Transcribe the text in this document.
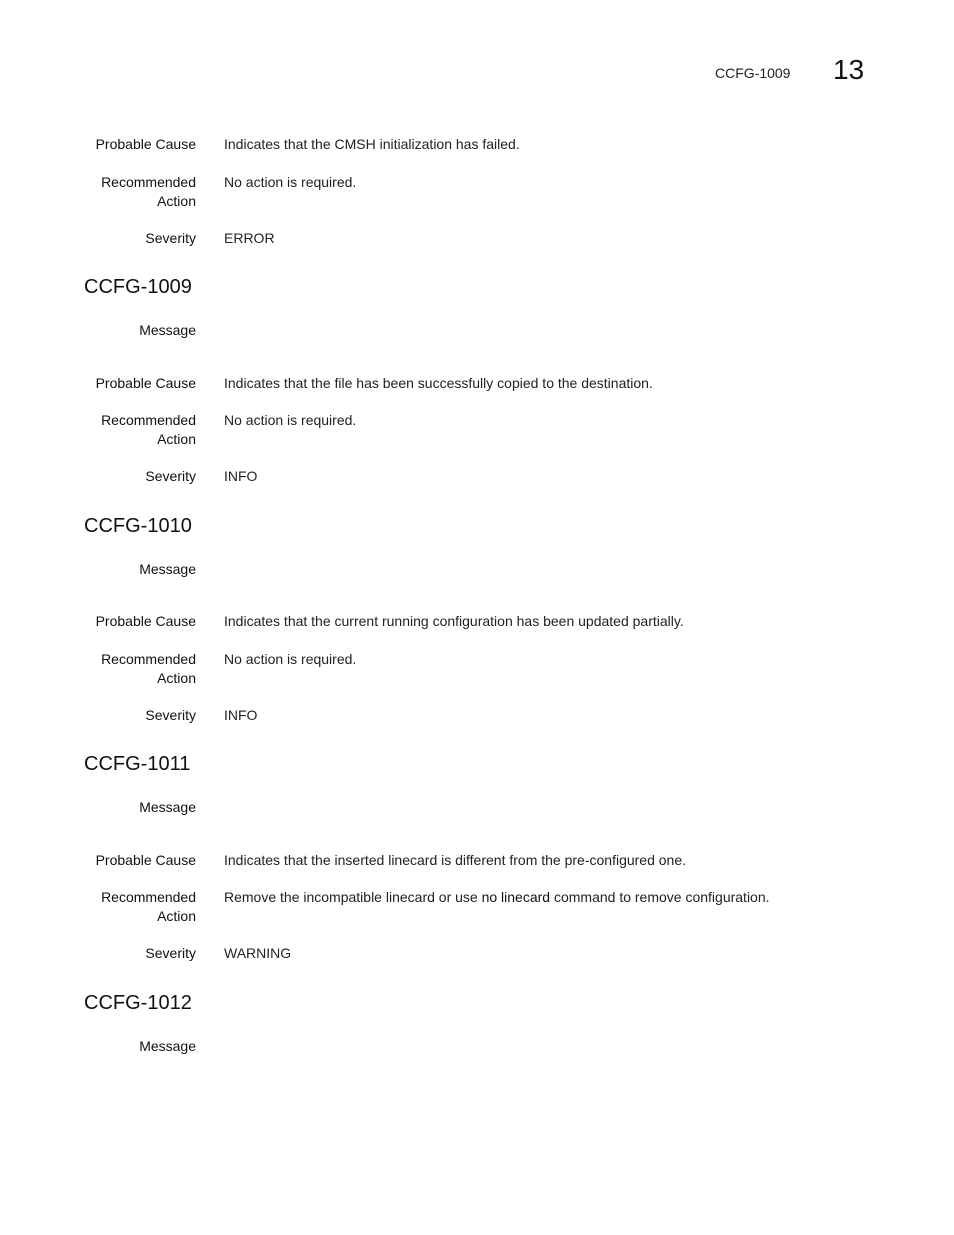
CCFG-1009 13
Probable Cause Indicates that the CMSH initialization has failed.
Recommended
Action
No action is required.
Severity ERROR
CCFG-1009
Message
Probable Cause Indicates that the file has been successfully copied to the destination.
Recommended
Action
No action is required.
Severity INFO
CCFG-1010
Message
Probable Cause Indicates that the current running configuration has been updated partially.
Recommended
Action
No action is required.
Severity INFO
CCFG-1011
Message
Probable Cause Indicates that the inserted linecard is different from the pre-configured one.
Recommended
Action
Remove the incompatible linecard or use no linecard command to remove configuration.
Severity WARNING
CCFG-1012
Message
